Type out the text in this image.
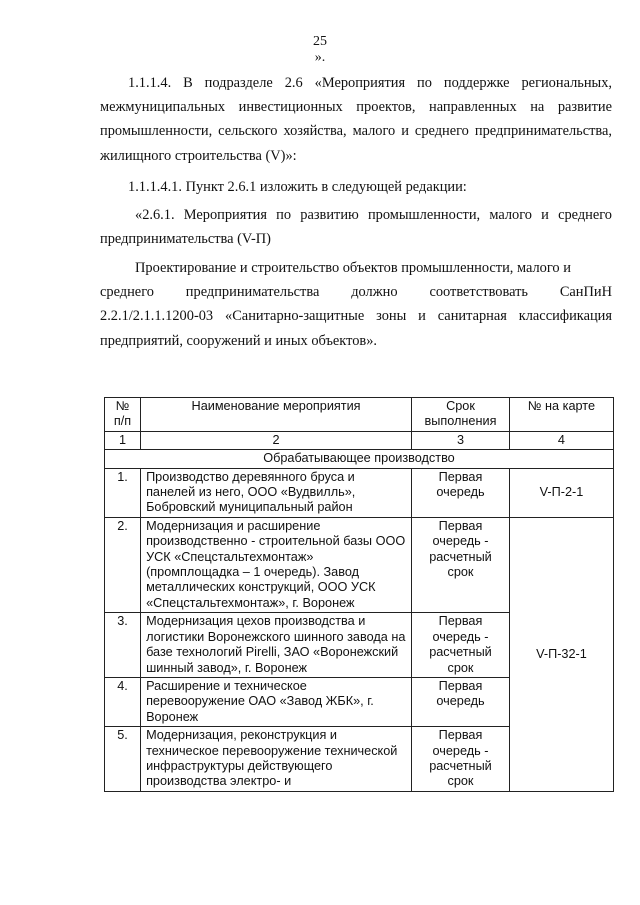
25
».

1.1.1.4. В подразделе 2.6 «Мероприятия по поддержке региональных, межмуниципальных инвестиционных проектов, направленных на развитие промышленности, сельского хозяйства, малого и среднего предпринимательства, жилищного строительства (V)»:

1.1.1.4.1. Пункт 2.6.1 изложить в следующей редакции:

«2.6.1. Мероприятия по развитию промышленности, малого и среднего предпринимательства (V-П)

Проектирование и строительство объектов промышленности, малого и
среднего предпринимательства должно соответствовать СанПиН
2.2.1/2.1.1.1200-03 «Санитарно-защитные зоны и санитарная классификация предприятий, сооружений и иных объектов».
№ п/п	Наименование мероприятия	Срок выполнения	№ на карте
1	2	3	4
Обрабатывающее производство			
1.	Производство деревянного бруса и панелей из него, ООО «Вудвилль», Бобровский муниципальный район	Первая очередь	V-П-2-1
2.	Модернизация и расширение производственно - строительной базы ООО УСК «Спецстальтехмонтаж» (промплощадка – 1 очередь). Завод металлических конструкций, ООО УСК «Спецстальтехмонтаж», г. Воронеж	Первая очередь - расчетный срок	V-П-32-1
3.	Модернизация цехов производства и логистики Воронежского шинного завода на базе технологий Pirelli, ЗАО «Воронежский шинный завод», г. Воронеж	Первая очередь - расчетный срок	
4.	Расширение и техническое перевооружение ОАО «Завод ЖБК», г. Воронеж	Первая очередь	
5.	Модернизация, реконструкция и техническое перевооружение технической инфраструктуры действующего производства электро- и	Первая очередь - расчетный срок	
